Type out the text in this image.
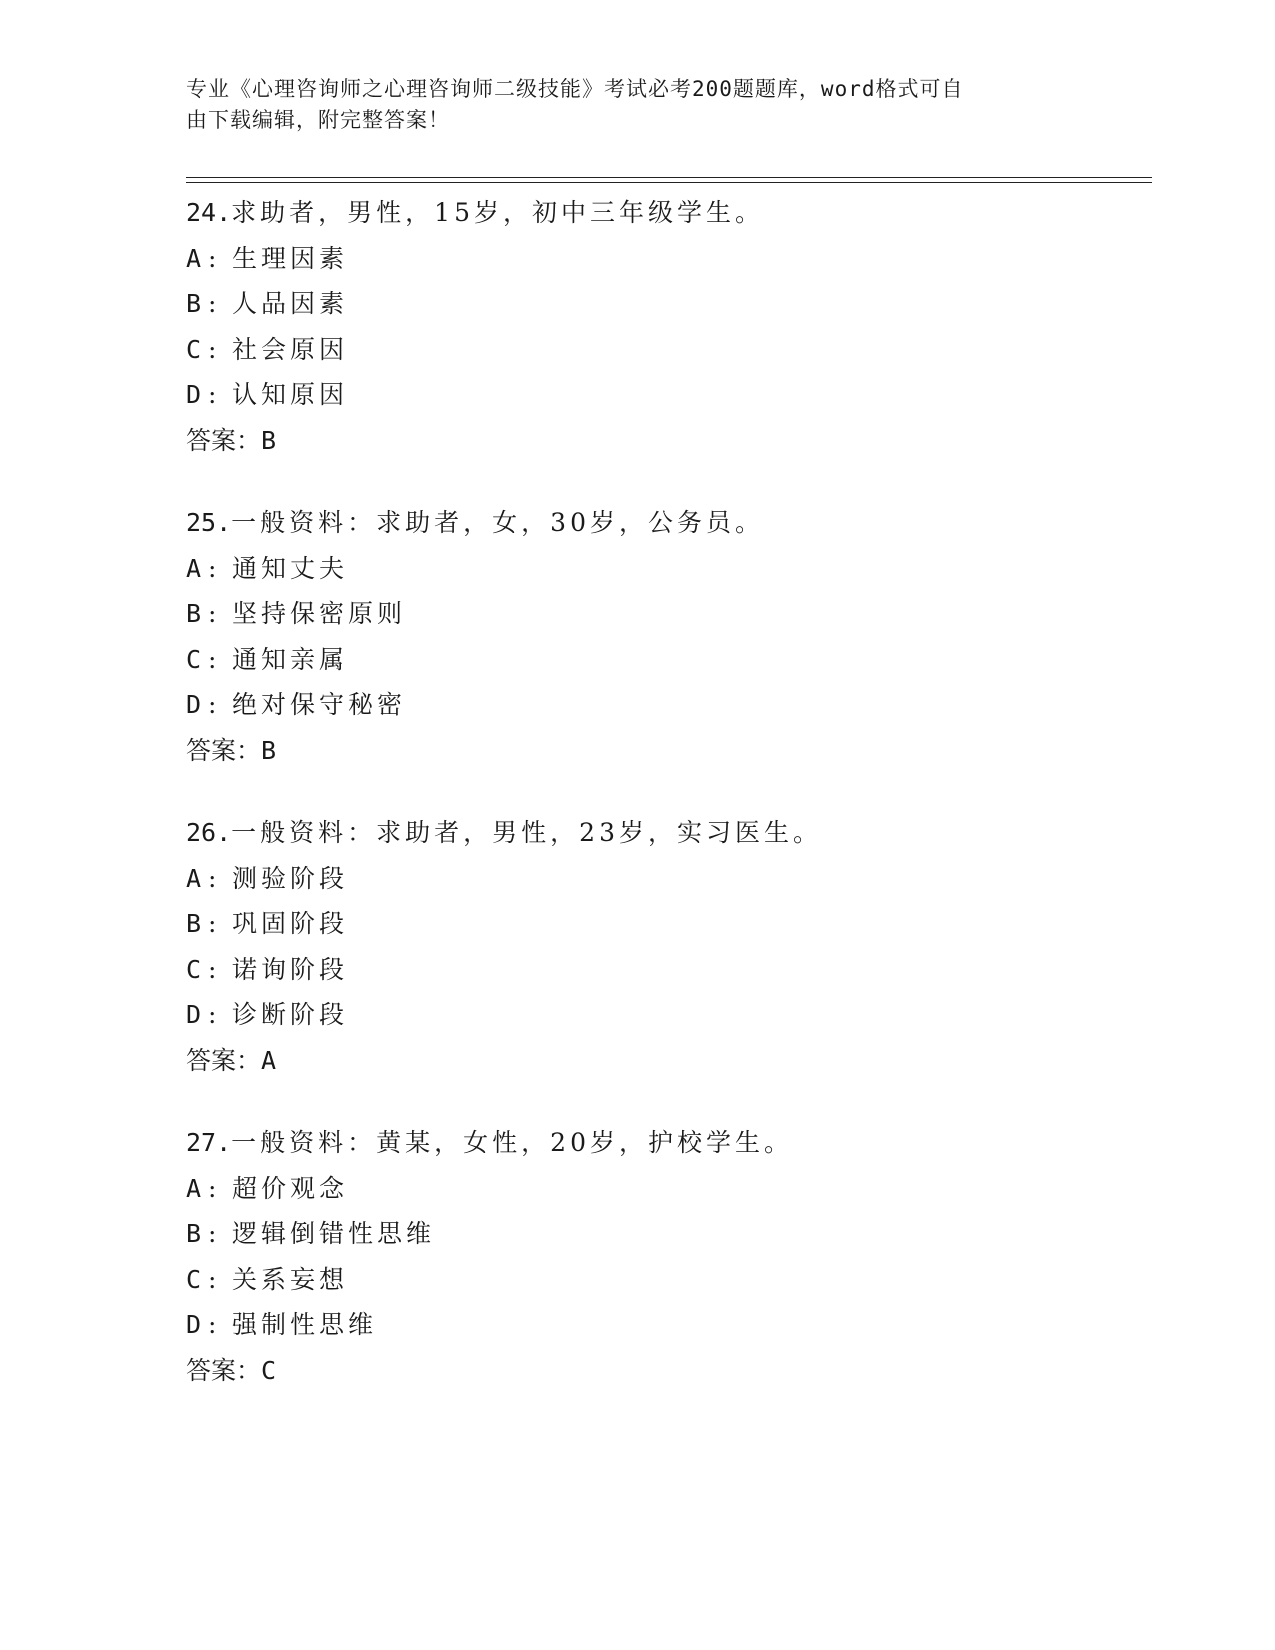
专业《心理咨询师之心理咨询师二级技能》考试必考200题题库，word格式可自
由下载编辑，附完整答案！
24.求助者，男性，15岁，初中三年级学生。
A : 生理因素
B : 人品因素
C : 社会原因
D : 认知原因
答案：B
25.一般资料：求助者，女，30岁，公务员。
A : 通知丈夫
B : 坚持保密原则
C : 通知亲属
D : 绝对保守秘密
答案：B
26.一般资料：求助者，男性，23岁，实习医生。
A : 测验阶段
B : 巩固阶段
C : 诺询阶段
D : 诊断阶段
答案：A
27.一般资料：黄某，女性，20岁，护校学生。
A : 超价观念
B : 逻辑倒错性思维
C : 关系妄想
D : 强制性思维
答案：C
